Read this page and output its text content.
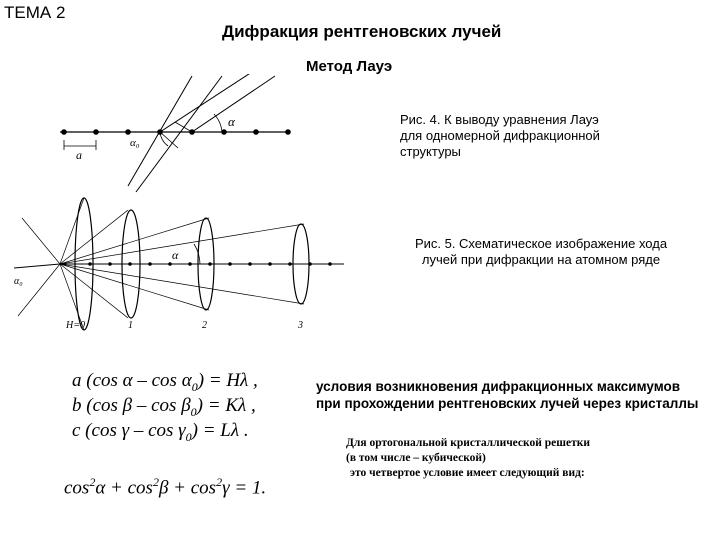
ТЕМА 2
Дифракция рентгеновских лучей
Метод Лауэ
a
α
α₀
Рис. 4. К выводу уравнения Лауэ
для одномерной дифракционной
структуры
α
α₀
H=0	1	2	3
Рис. 5. Схематическое изображение хода
лучей при дифракции на атомном ряде
a (cos $\alpha - \cos \alpha_0) = H\lambda$ ,
b (cos $\beta - \cos \beta_0) = K\lambda$ ,
c (cos $\gamma - \cos \gamma_0) = L\lambda$ .
$\cos^2\alpha + \cos^2\beta + \cos^2\gamma = 1$.
условия возникновения дифракционных максимумов
при прохождении рентгеновских лучей через кристаллы
Для ортогональной кристаллической решетки
(в том числе – кубической)
это четвертое условие имеет следующий вид:
